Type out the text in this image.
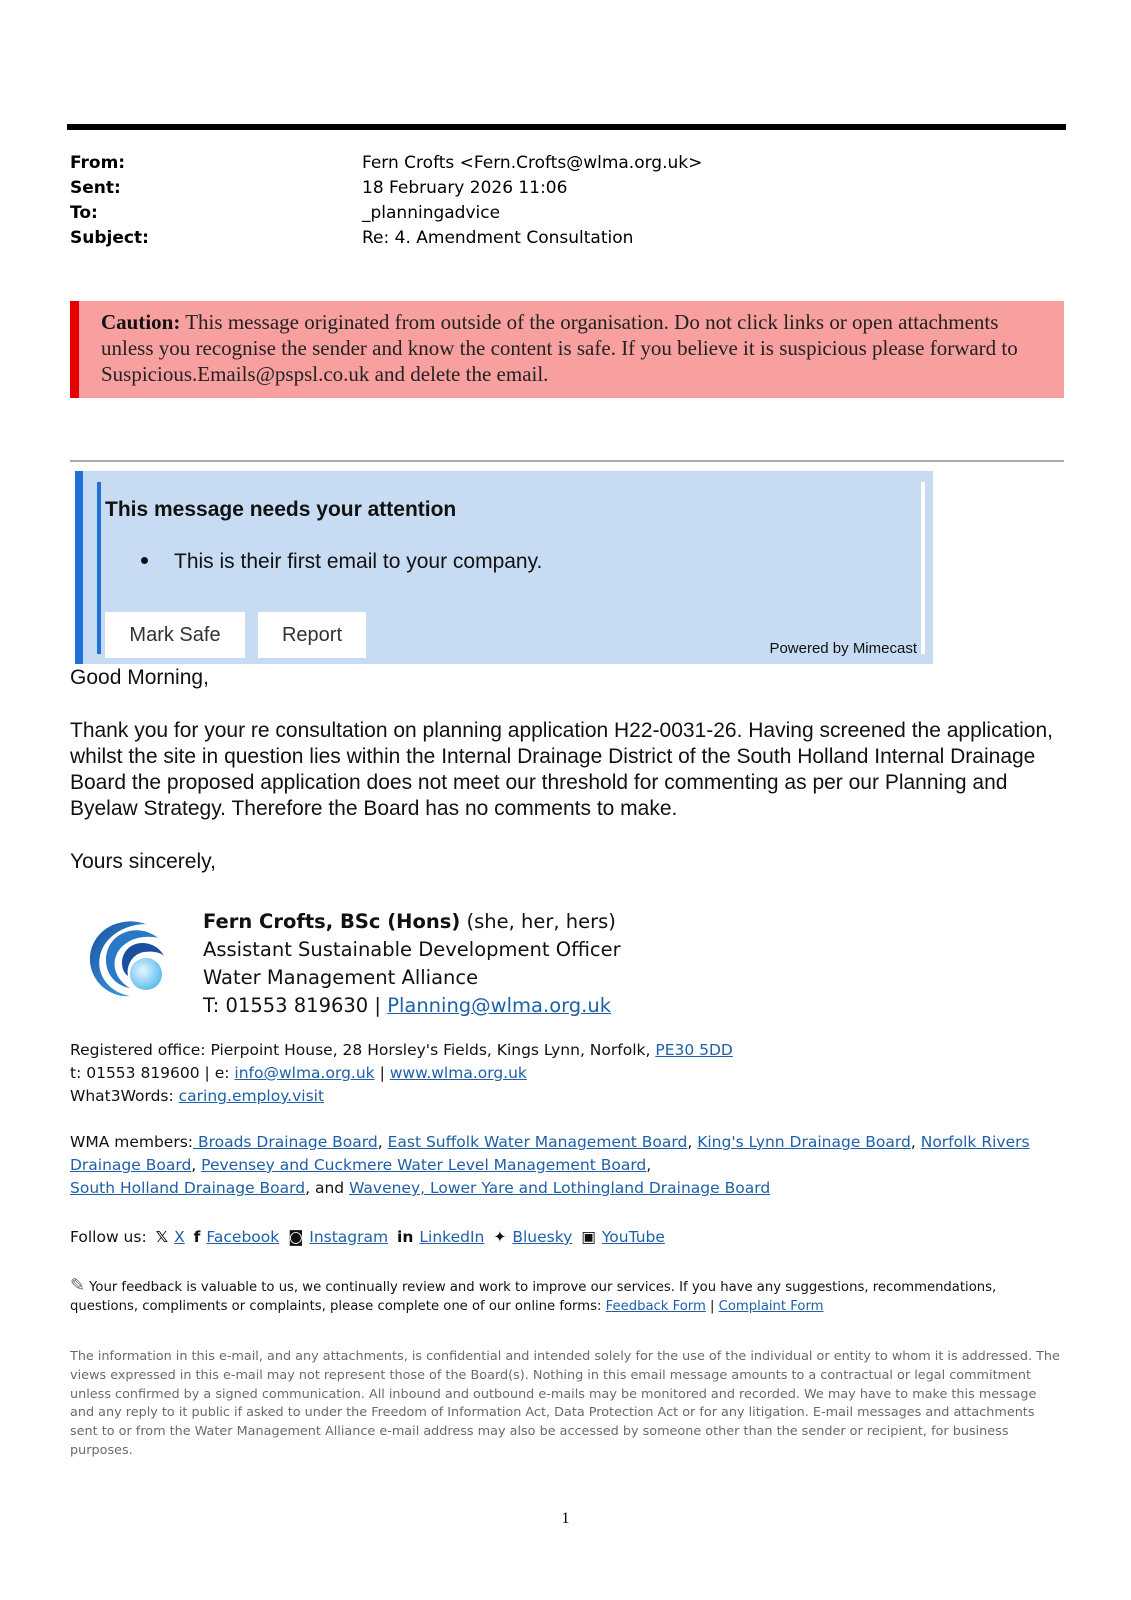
From:	Fern Crofts <Fern.Crofts@wlma.org.uk>
Sent:	18 February 2026 11:06
To:	_planningadvice
Subject:	Re: 4. Amendment Consultation
Caution: This message originated from outside of the organisation. Do not click links or open attachments unless you recognise the sender and know the content is safe. If you believe it is suspicious please forward to Suspicious.Emails@pspsl.co.uk and delete the email.
This message needs your attention
This is their first email to your company.
Mark Safe	Report
Powered by Mimecast
Good Morning,
Thank you for your re consultation on planning application H22-0031-26. Having screened the application, whilst the site in question lies within the Internal Drainage District of the South Holland Internal Drainage Board the proposed application does not meet our threshold for commenting as per our Planning and Byelaw Strategy. Therefore the Board has no comments to make.
Yours sincerely,
Fern Crofts, BSc (Hons) (she, her, hers)
Assistant Sustainable Development Officer
Water Management Alliance
T: 01553 819630 | Planning@wlma.org.uk
Registered office: Pierpoint House, 28 Horsley's Fields, Kings Lynn, Norfolk, PE30 5DD
t: 01553 819600 | e: info@wlma.org.uk | www.wlma.org.uk
What3Words: caring.employ.visit
WMA members: Broads Drainage Board, East Suffolk Water Management Board, King's Lynn Drainage Board, Norfolk Rivers Drainage Board, Pevensey and Cuckmere Water Level Management Board,
South Holland Drainage Board, and Waveney, Lower Yare and Lothingland Drainage Board
Follow us: 𝕏 X f Facebook ◙ Instagram in LinkedIn ✦ Bluesky ▣ YouTube
✎ Your feedback is valuable to us, we continually review and work to improve our services. If you have any suggestions, recommendations, questions, compliments or complaints, please complete one of our online forms: Feedback Form | Complaint Form
The information in this e-mail, and any attachments, is confidential and intended solely for the use of the individual or entity to whom it is addressed. The views expressed in this e-mail may not represent those of the Board(s). Nothing in this email message amounts to a contractual or legal commitment unless confirmed by a signed communication. All inbound and outbound e-mails may be monitored and recorded. We may have to make this message and any reply to it public if asked to under the Freedom of Information Act, Data Protection Act or for any litigation. E-mail messages and attachments sent to or from the Water Management Alliance e-mail address may also be accessed by someone other than the sender or recipient, for business purposes.
1
